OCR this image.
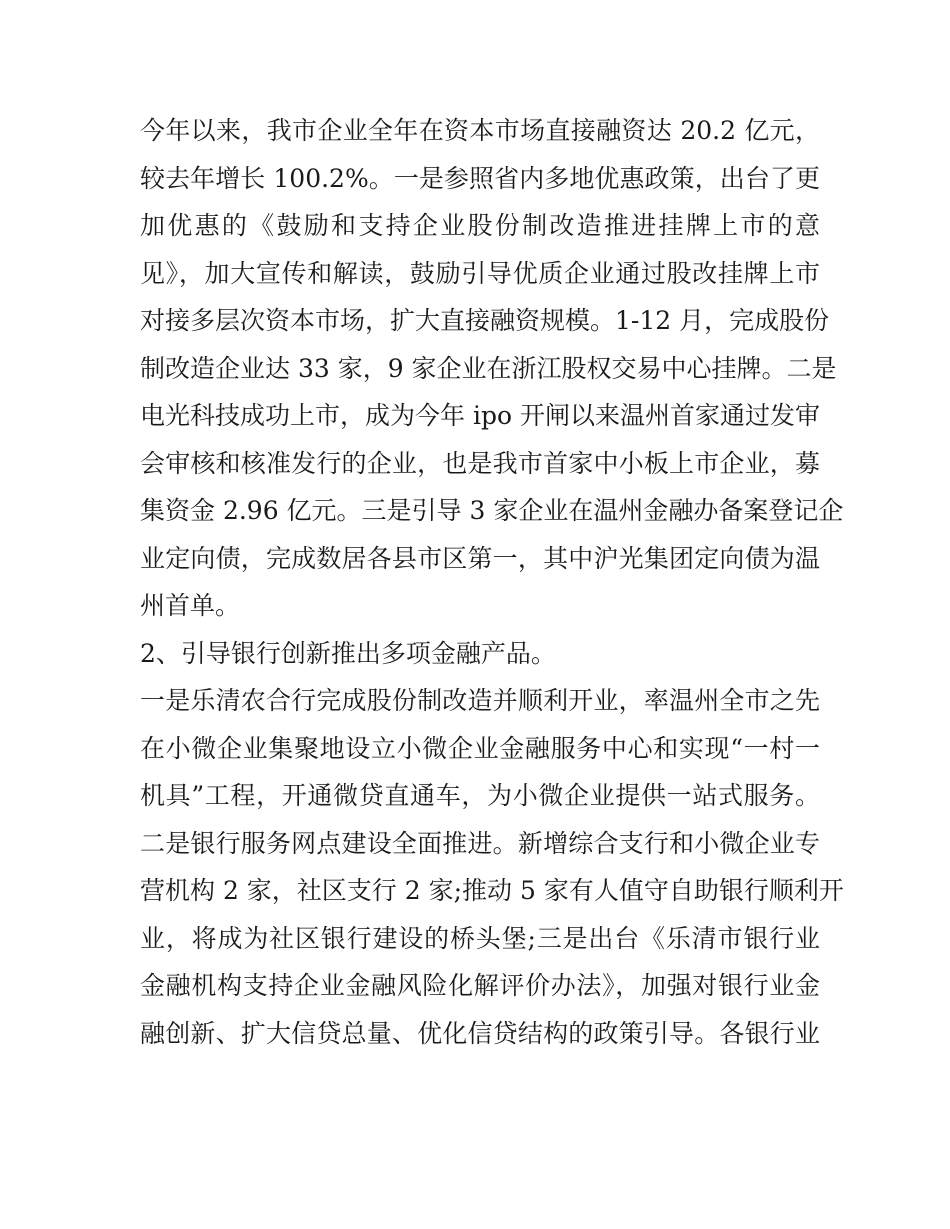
今年以来，我市企业全年在资本市场直接融资达 20.2 亿元，
较去年增长 100.2%。一是参照省内多地优惠政策，出台了更
加优惠的《鼓励和支持企业股份制改造推进挂牌上市的意
见》，加大宣传和解读，鼓励引导优质企业通过股改挂牌上市
对接多层次资本市场，扩大直接融资规模。1-12 月，完成股份
制改造企业达 33 家，9 家企业在浙江股权交易中心挂牌。二是
电光科技成功上市，成为今年 ipo 开闸以来温州首家通过发审
会审核和核准发行的企业，也是我市首家中小板上市企业，募
集资金 2.96 亿元。三是引导 3 家企业在温州金融办备案登记企
业定向债，完成数居各县市区第一，其中沪光集团定向债为温
州首单。
2、引导银行创新推出多项金融产品。
一是乐清农合行完成股份制改造并顺利开业，率温州全市之先
在小微企业集聚地设立小微企业金融服务中心和实现“一村一
机具”工程，开通微贷直通车，为小微企业提供一站式服务。
二是银行服务网点建设全面推进。新增综合支行和小微企业专
营机构 2 家，社区支行 2 家;推动 5 家有人值守自助银行顺利开
业，将成为社区银行建设的桥头堡;三是出台《乐清市银行业
金融机构支持企业金融风险化解评价办法》，加强对银行业金
融创新、扩大信贷总量、优化信贷结构的政策引导。各银行业
